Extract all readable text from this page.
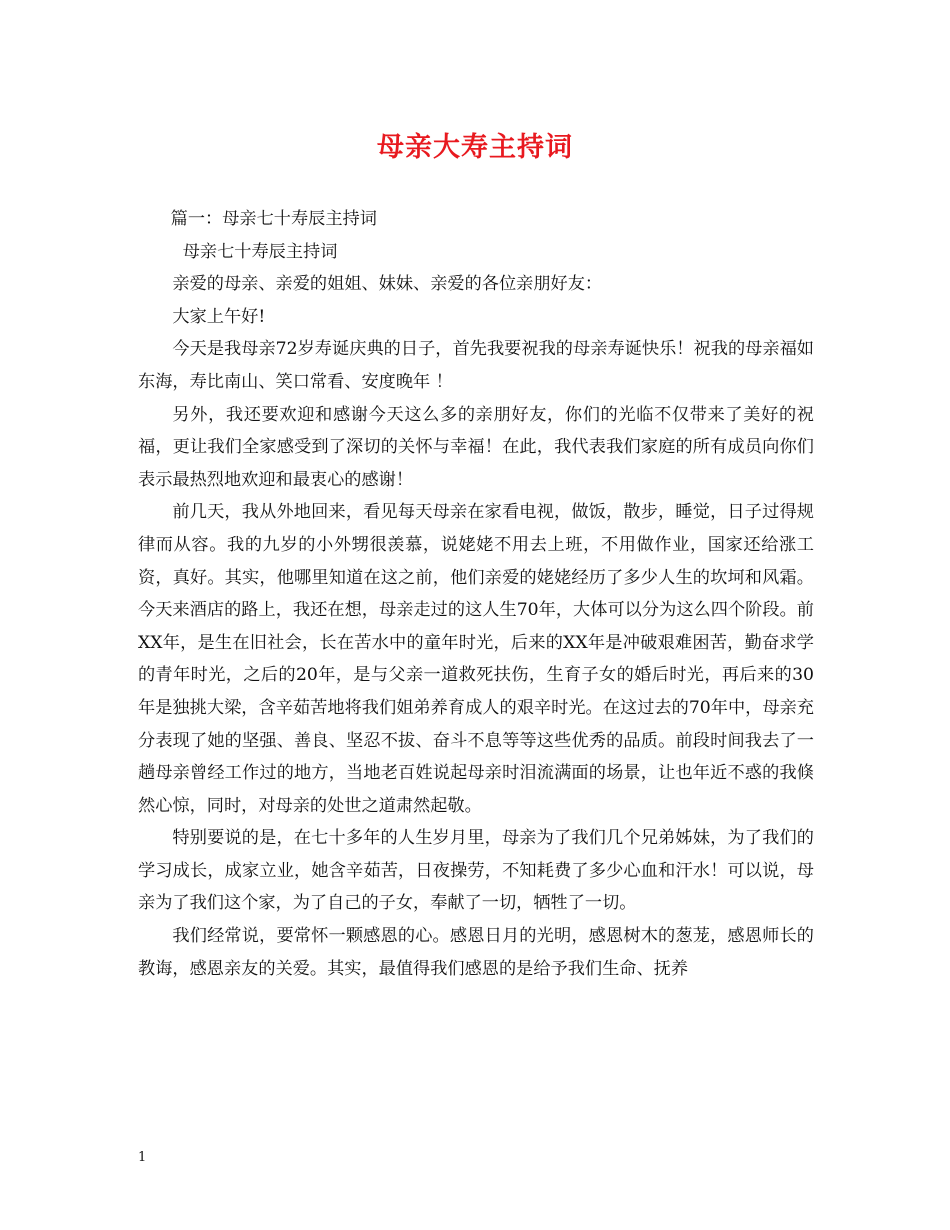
母亲大寿主持词

篇一：母亲七十寿辰主持词

母亲七十寿辰主持词

亲爱的母亲、亲爱的姐姐、妹妹、亲爱的各位亲朋好友：

大家上午好!

今天是我母亲72岁寿诞庆典的日子，首先我要祝我的母亲寿诞快乐！祝我的母亲福如东海，寿比南山、笑口常看、安度晚年 ！

另外，我还要欢迎和感谢今天这么多的亲朋好友，你们的光临不仅带来了美好的祝福，更让我们全家感受到了深切的关怀与幸福！在此，我代表我们家庭的所有成员向你们表示最热烈地欢迎和最衷心的感谢！

前几天，我从外地回来，看见每天母亲在家看电视，做饭，散步，睡觉，日子过得规律而从容。我的九岁的小外甥很羡慕，说姥姥不用去上班，不用做作业，国家还给涨工资，真好。其实，他哪里知道在这之前，他们亲爱的姥姥经历了多少人生的坎坷和风霜。今天来酒店的路上，我还在想，母亲走过的这人生70年，大体可以分为这么四个阶段。前XX年，是生在旧社会，长在苦水中的童年时光，后来的XX年是冲破艰难困苦，勤奋求学的青年时光，之后的20年，是与父亲一道救死扶伤，生育子女的婚后时光，再后来的30年是独挑大梁，含辛茹苦地将我们姐弟养育成人的艰辛时光。在这过去的70年中，母亲充分表现了她的坚强、善良、坚忍不拔、奋斗不息等等这些优秀的品质。前段时间我去了一趟母亲曾经工作过的地方，当地老百姓说起母亲时泪流满面的场景，让也年近不惑的我倏然心惊，同时，对母亲的处世之道肃然起敬。

特别要说的是，在七十多年的人生岁月里，母亲为了我们几个兄弟姊妹，为了我们的学习成长，成家立业，她含辛茹苦，日夜操劳，不知耗费了多少心血和汗水！可以说，母亲为了我们这个家，为了自己的子女，奉献了一切，牺牲了一切。

我们经常说，要常怀一颗感恩的心。感恩日月的光明，感恩树木的葱茏，感恩师长的教诲，感恩亲友的关爱。其实，最值得我们感恩的是给予我们生命、抚养

1
